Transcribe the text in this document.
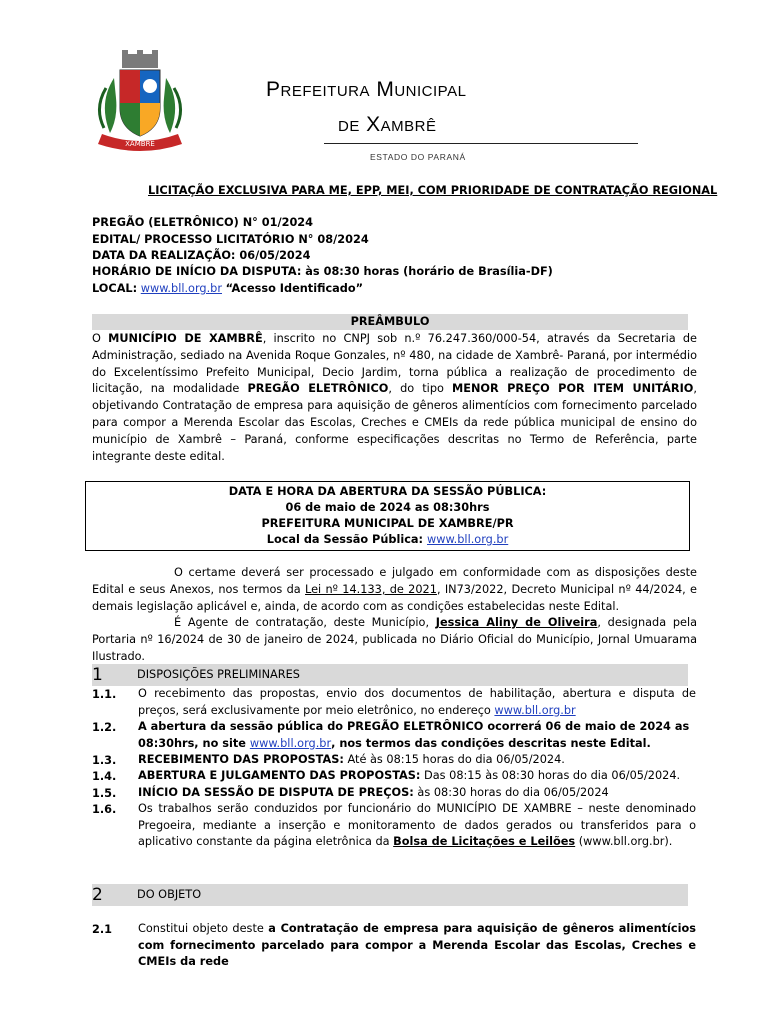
XAMBRÊ
Prefeitura Municipal
de Xambrê
ESTADO DO PARANÁ
LICITAÇÃO EXCLUSIVA PARA ME, EPP, MEI, COM PRIORIDADE DE CONTRATAÇÃO REGIONAL
PREGÃO (ELETRÔNICO) N° 01/2024
EDITAL/ PROCESSO LICITATÓRIO N° 08/2024
DATA DA REALIZAÇÃO: 06/05/2024
HORÁRIO DE INÍCIO DA DISPUTA: às 08:30 horas (horário de Brasília-DF)
LOCAL: www.bll.org.br “Acesso Identificado”
PREÂMBULO
O MUNICÍPIO DE XAMBRÊ, inscrito no CNPJ sob n.º 76.247.360/000-54, através da Secretaria de Administração, sediado na Avenida Roque Gonzales, nº 480, na cidade de Xambrê- Paraná, por intermédio do Excelentíssimo Prefeito Municipal, Decio Jardim, torna pública a realização de procedimento de licitação, na modalidade PREGÃO ELETRÔNICO, do tipo MENOR PREÇO POR ITEM UNITÁRIO, objetivando Contratação de empresa para aquisição de gêneros alimentícios com fornecimento parcelado para compor a Merenda Escolar das Escolas, Creches e CMEIs da rede pública municipal de ensino do município de Xambrê – Paraná, conforme especificações descritas no Termo de Referência, parte integrante deste edital.
DATA E HORA DA ABERTURA DA SESSÃO PÚBLICA:
06 de maio de 2024 as 08:30hrs
PREFEITURA MUNICIPAL DE XAMBRE/PR
Local da Sessão Pública: www.bll.org.br
O certame deverá ser processado e julgado em conformidade com as disposições deste Edital e seus Anexos, nos termos da Lei nº 14.133, de 2021, IN73/2022, Decreto Municipal nº 44/2024, e demais legislação aplicável e, ainda, de acordo com as condições estabelecidas neste Edital.
É Agente de contratação, deste Município, Jessica Aliny de Oliveira, designada pela Portaria nº 16/2024 de 30 de janeiro de 2024, publicada no Diário Oficial do Município, Jornal Umuarama Ilustrado.
1	DISPOSIÇÕES PRELIMINARES
1.1. O recebimento das propostas, envio dos documentos de habilitação, abertura e disputa de preços, será exclusivamente por meio eletrônico, no endereço www.bll.org.br
1.2. A abertura da sessão pública do PREGÃO ELETRÔNICO ocorrerá 06 de maio de 2024 as 08:30hrs, no site www.bll.org.br, nos termos das condições descritas neste Edital.
1.3. RECEBIMENTO DAS PROPOSTAS: Até às 08:15 horas do dia 06/05/2024.
1.4. ABERTURA E JULGAMENTO DAS PROPOSTAS: Das 08:15 às 08:30 horas do dia 06/05/2024.
1.5. INÍCIO DA SESSÃO DE DISPUTA DE PREÇOS: às 08:30 horas do dia 06/05/2024
1.6. Os trabalhos serão conduzidos por funcionário do MUNICÍPIO DE XAMBRE – neste denominado Pregoeira, mediante a inserção e monitoramento de dados gerados ou transferidos para o aplicativo constante da página eletrônica da Bolsa de Licitações e Leilões (www.bll.org.br).
2	DO OBJETO
2.1 Constitui objeto deste a Contratação de empresa para aquisição de gêneros alimentícios com fornecimento parcelado para compor a Merenda Escolar das Escolas, Creches e CMEIs da rede
